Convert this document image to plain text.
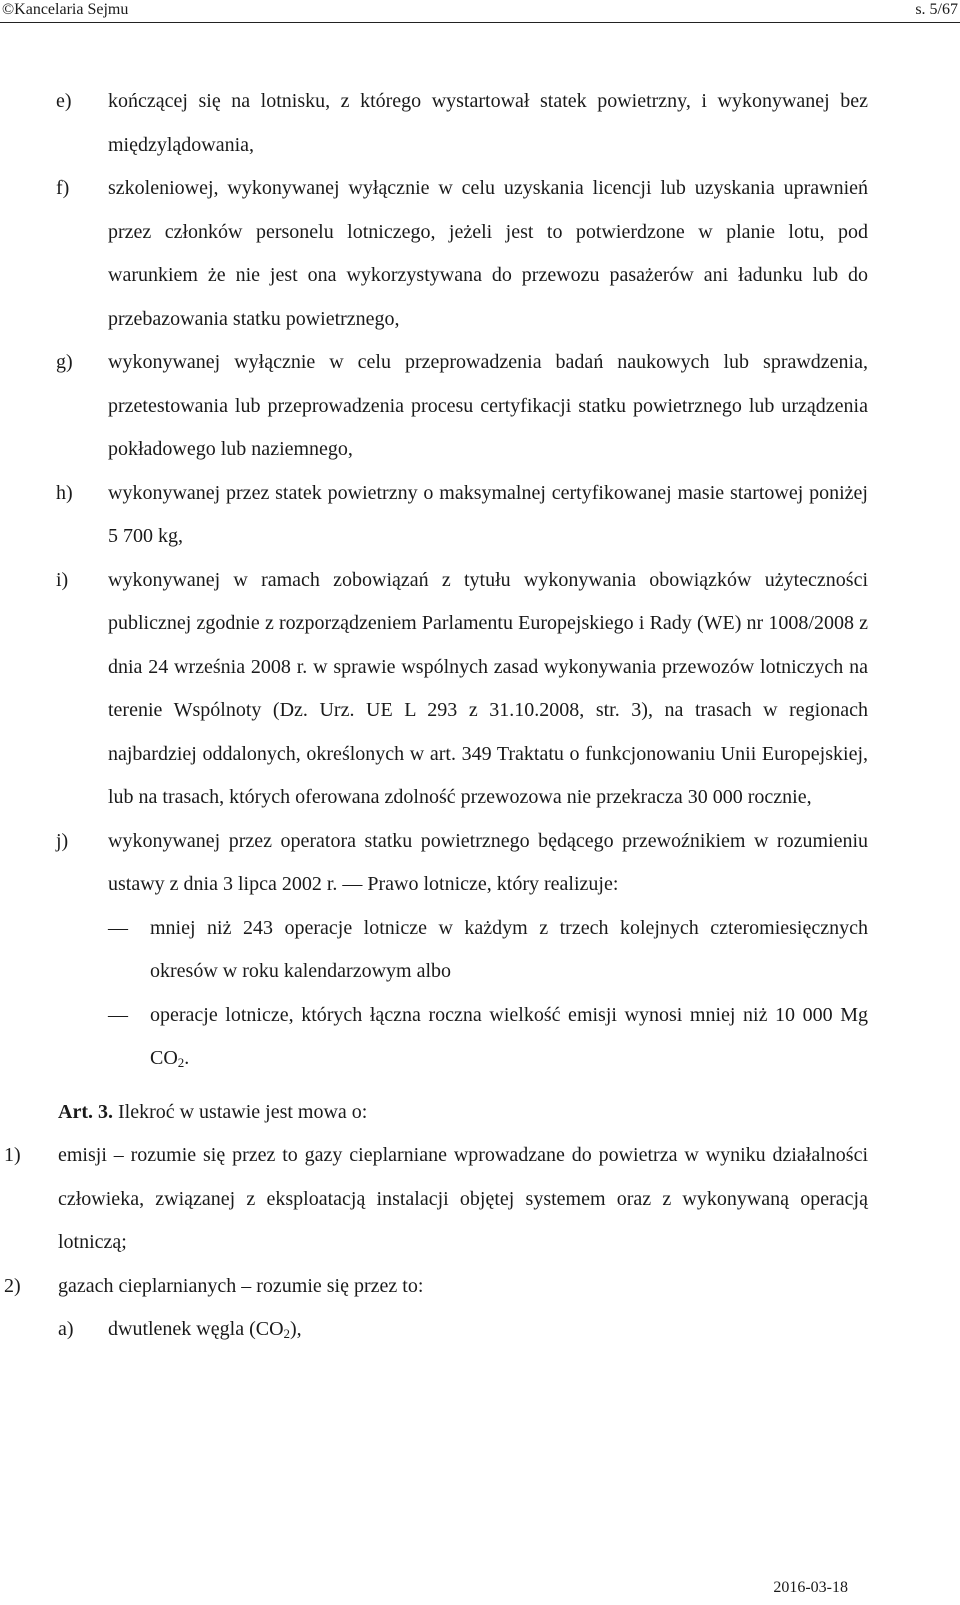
©Kancelaria Sejmu	s. 5/67
e) kończącej się na lotnisku, z którego wystartował statek powietrzny, i wykonywanej bez międzylądowania,
f) szkoleniowej, wykonywanej wyłącznie w celu uzyskania licencji lub uzyskania uprawnień przez członków personelu lotniczego, jeżeli jest to potwierdzone w planie lotu, pod warunkiem że nie jest ona wykorzystywana do przewozu pasażerów ani ładunku lub do przebazowania statku powietrznego,
g) wykonywanej wyłącznie w celu przeprowadzenia badań naukowych lub sprawdzenia, przetestowania lub przeprowadzenia procesu certyfikacji statku powietrznego lub urządzenia pokładowego lub naziemnego,
h) wykonywanej przez statek powietrzny o maksymalnej certyfikowanej masie startowej poniżej 5 700 kg,
i) wykonywanej w ramach zobowiązań z tytułu wykonywania obowiązków użyteczności publicznej zgodnie z rozporządzeniem Parlamentu Europejskiego i Rady (WE) nr 1008/2008 z dnia 24 września 2008 r. w sprawie wspólnych zasad wykonywania przewozów lotniczych na terenie Wspólnoty (Dz. Urz. UE L 293 z 31.10.2008, str. 3), na trasach w regionach najbardziej oddalonych, określonych w art. 349 Traktatu o funkcjonowaniu Unii Europejskiej, lub na trasach, których oferowana zdolność przewozowa nie przekracza 30 000 rocznie,
j) wykonywanej przez operatora statku powietrznego będącego przewoźnikiem w rozumieniu ustawy z dnia 3 lipca 2002 r. — Prawo lotnicze, który realizuje:
— mniej niż 243 operacje lotnicze w każdym z trzech kolejnych czteromiesięcznych okresów w roku kalendarzowym albo
— operacje lotnicze, których łączna roczna wielkość emisji wynosi mniej niż 10 000 Mg $CO_2$.
Art. 3. Ilekroć w ustawie jest mowa o:
1) emisji – rozumie się przez to gazy cieplarniane wprowadzane do powietrza w wyniku działalności człowieka, związanej z eksploatacją instalacji objętej systemem oraz z wykonywaną operacją lotniczą;
2) gazach cieplarnianych – rozumie się przez to:
a) dwutlenek węgla $(CO_2)$,
2016-03-18
